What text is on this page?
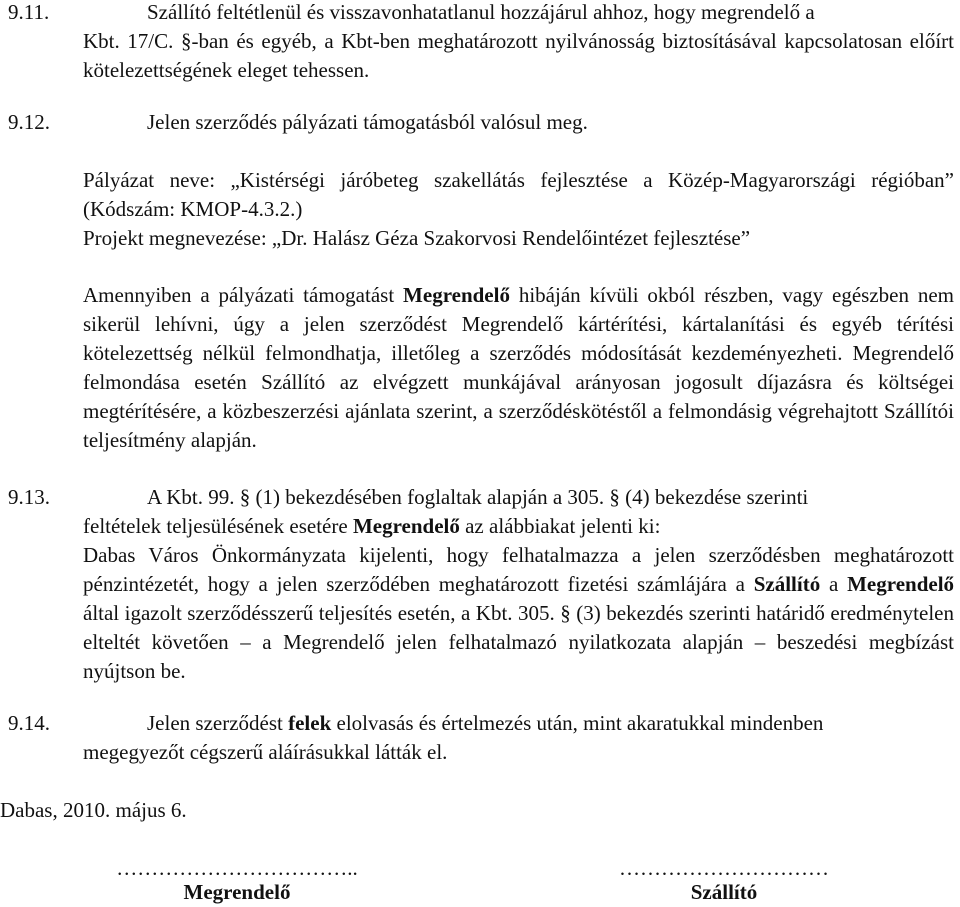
9.11.	Szállító feltétlenül és visszavonhatatlanul hozzájárul ahhoz, hogy megrendelő a

Kbt. 17/C. §-ban és egyéb, a Kbt-ben meghatározott nyilvánosság biztosításával kapcsolatosan előírt kötelezettségének eleget tehessen.

9.12.	Jelen szerződés pályázati támogatásból valósul meg.

Pályázat neve: „Kistérségi járóbeteg szakellátás fejlesztése a Közép-Magyarországi régióban” (Kódszám: KMOP-4.3.2.)

Projekt megnevezése: „Dr. Halász Géza Szakorvosi Rendelőintézet fejlesztése”

Amennyiben a pályázati támogatást Megrendelő hibáján kívüli okból részben, vagy egészben nem sikerül lehívni, úgy a jelen szerződést Megrendelő kártérítési, kártalanítási és egyéb térítési kötelezettség nélkül felmondhatja, illetőleg a szerződés módosítását kezdeményezheti. Megrendelő felmondása esetén Szállító az elvégzett munkájával arányosan jogosult díjazásra és költségei megtérítésére, a közbeszerzési ajánlata szerint, a szerződéskötéstől a felmondásig végrehajtott Szállítói teljesítmény alapján.

9.13.	A Kbt. 99. § (1) bekezdésében foglaltak alapján a 305. § (4) bekezdése szerinti

feltételek teljesülésének esetére Megrendelő az alábbiakat jelenti ki:

Dabas Város Önkormányzata kijelenti, hogy felhatalmazza a jelen szerződésben meghatározott pénzintézetét, hogy a jelen szerződében meghatározott fizetési számlájára a Szállító a Megrendelő által igazolt szerződésszerű teljesítés esetén, a Kbt. 305. § (3) bekezdés szerinti határidő eredménytelen elteltét követően – a Megrendelő jelen felhatalmazó nyilatkozata alapján – beszedési megbízást nyújtson be.

9.14.	Jelen szerződést felek elolvasás és értelmezés után, mint akaratukkal mindenben

megegyezőt cégszerű aláírásukkal látták el.

Dabas, 2010. május 6.

……………………………..

Megrendelő

…………………………

Szállító
